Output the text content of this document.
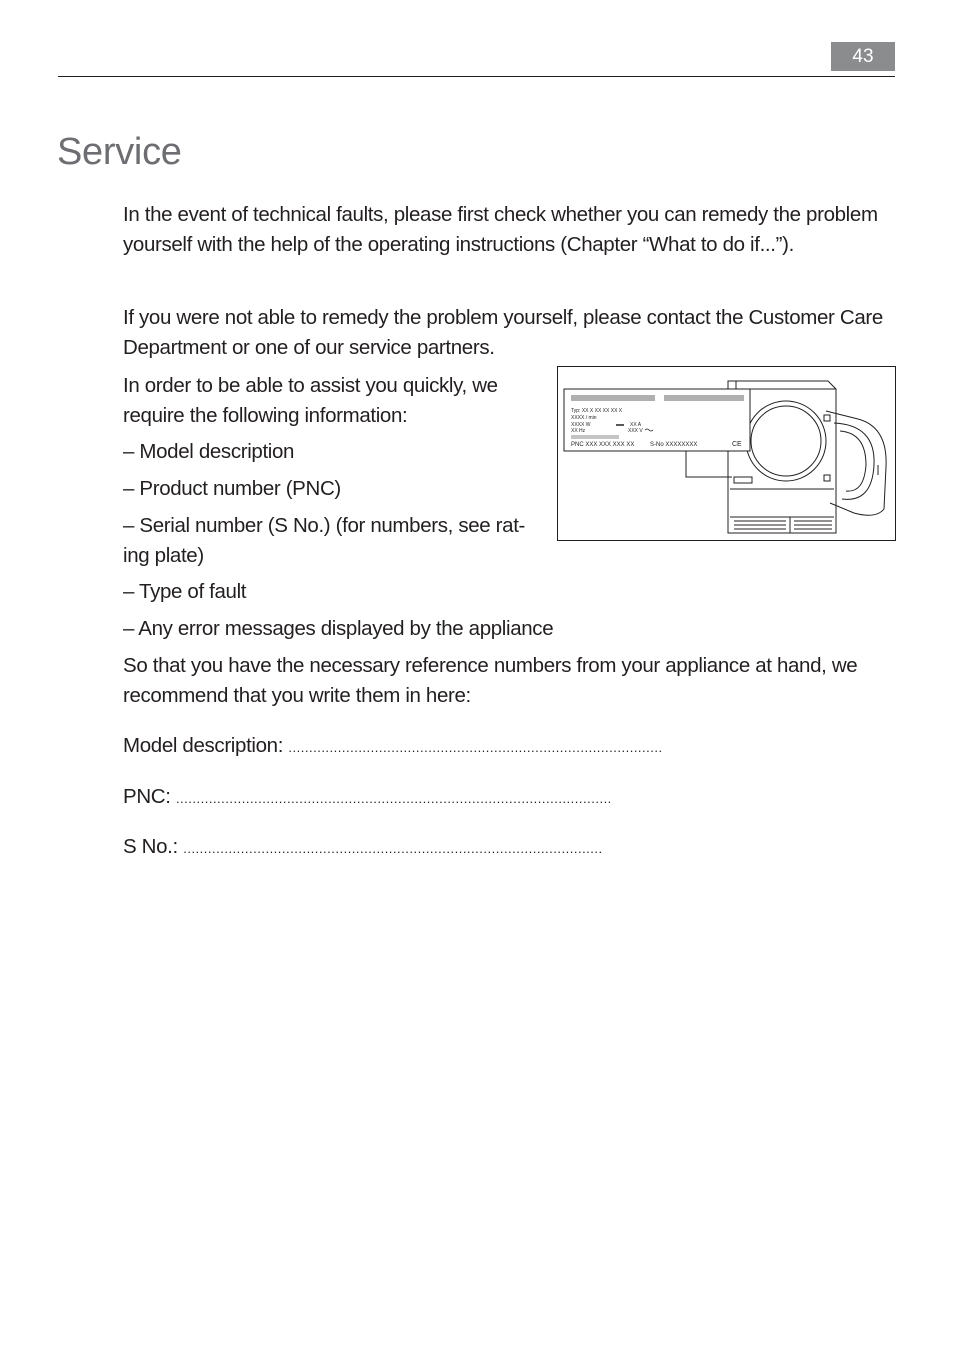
43
Service

In the event of technical faults, please first check whether you can remedy the problem yourself with the help of the operating instructions (Chapter “What to do if...”).

If you were not able to remedy the problem yourself, please contact the Customer Care Department or one of our service partners.

In order to be able to assist you quickly, we require the following information:

– Model description

– Product number (PNC)

– Serial number (S No.) (for numbers, see rat- ing plate)

– Type of fault

– Any error messages displayed by the appliance

So that you have the necessary reference numbers from your appliance at hand, we recommend that you write them in here:

Model description: ...........................................................................................

PNC: ..........................................................................................................

S No.: ......................................................................................................

Typ: XX X XX XX XX X
XXXX / min
XXXX W	XX A
XX Hz	XXX V
PNC XXX XXX XXX XX	S-No XXXXXXXX	CE
